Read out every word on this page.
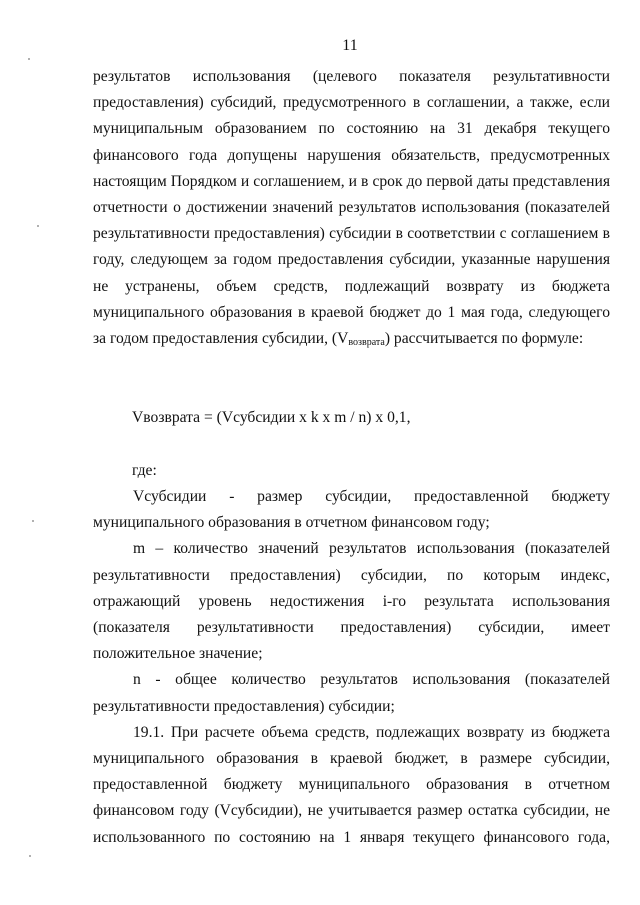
11

результатов использования (целевого показателя результативности предоставления) субсидий, предусмотренного в соглашении, а также, если муниципальным образованием по состоянию на 31 декабря текущего финансового года допущены нарушения обязательств, предусмотренных настоящим Порядком и соглашением, и в срок до первой даты представления отчетности о достижении значений результатов использования (показателей результативности предоставления) субсидии в соответствии с соглашением в году, следующем за годом предоставления субсидии, указанные нарушения не устранены, объем средств, подлежащий возврату из бюджета муниципального образования в краевой бюджет до 1 мая года, следующего за годом предоставления субсидии, $(V_{возврата})$ рассчитывается по формуле:

Vвозврата = (Vсубсидии x k x m / n) x 0,1,
где:

Vсубсидии - размер субсидии, предоставленной бюджету муниципального образования в отчетном финансовом году;

m – количество значений результатов использования (показателей результативности предоставления) субсидии, по которым индекс, отражающий уровень недостижения i-го результата использования (показателя результативности предоставления) субсидии, имеет положительное значение;

n - общее количество результатов использования (показателей результативности предоставления) субсидии;

19.1. При расчете объема средств, подлежащих возврату из бюджета муниципального образования в краевой бюджет, в размере субсидии, предоставленной бюджету муниципального образования в отчетном финансовом году (Vсубсидии), не учитывается размер остатка субсидии, не использованного по состоянию на 1 января текущего финансового года,
